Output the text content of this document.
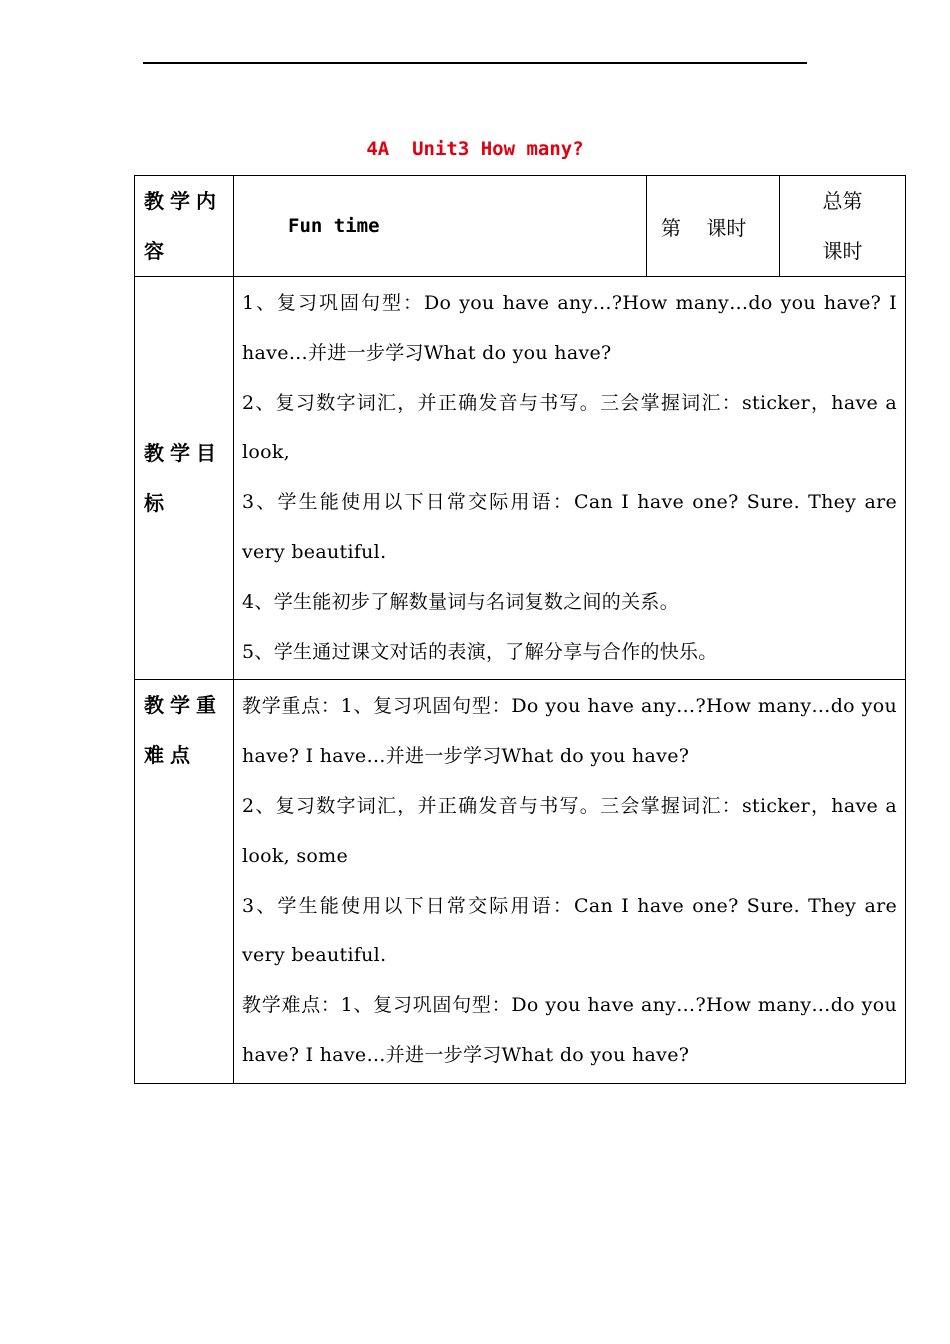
4A  Unit3 How many?
教学内容	Fun time	第    课时	总第
课时

教学目标	1、复习巩固句型：Do you have any…?How many…do you have? I have…并进一步学习What do you have?

2、复习数字词汇，并正确发音与书写。三会掌握词汇：sticker，have a look,

3、学生能使用以下日常交际用语：Can I have one? Sure. They are very beautiful.

4、学生能初步了解数量词与名词复数之间的关系。

5、学生通过课文对话的表演，了解分享与合作的快乐。		

教学重难点	教学重点：1、复习巩固句型：Do you have any…?How many…do you have? I have…并进一步学习What do you have?

2、复习数字词汇，并正确发音与书写。三会掌握词汇：sticker，have a look, some

3、学生能使用以下日常交际用语：Can I have one? Sure. They are very beautiful.

教学难点：1、复习巩固句型：Do you have any…?How many…do you have? I have…并进一步学习What do you have?		
